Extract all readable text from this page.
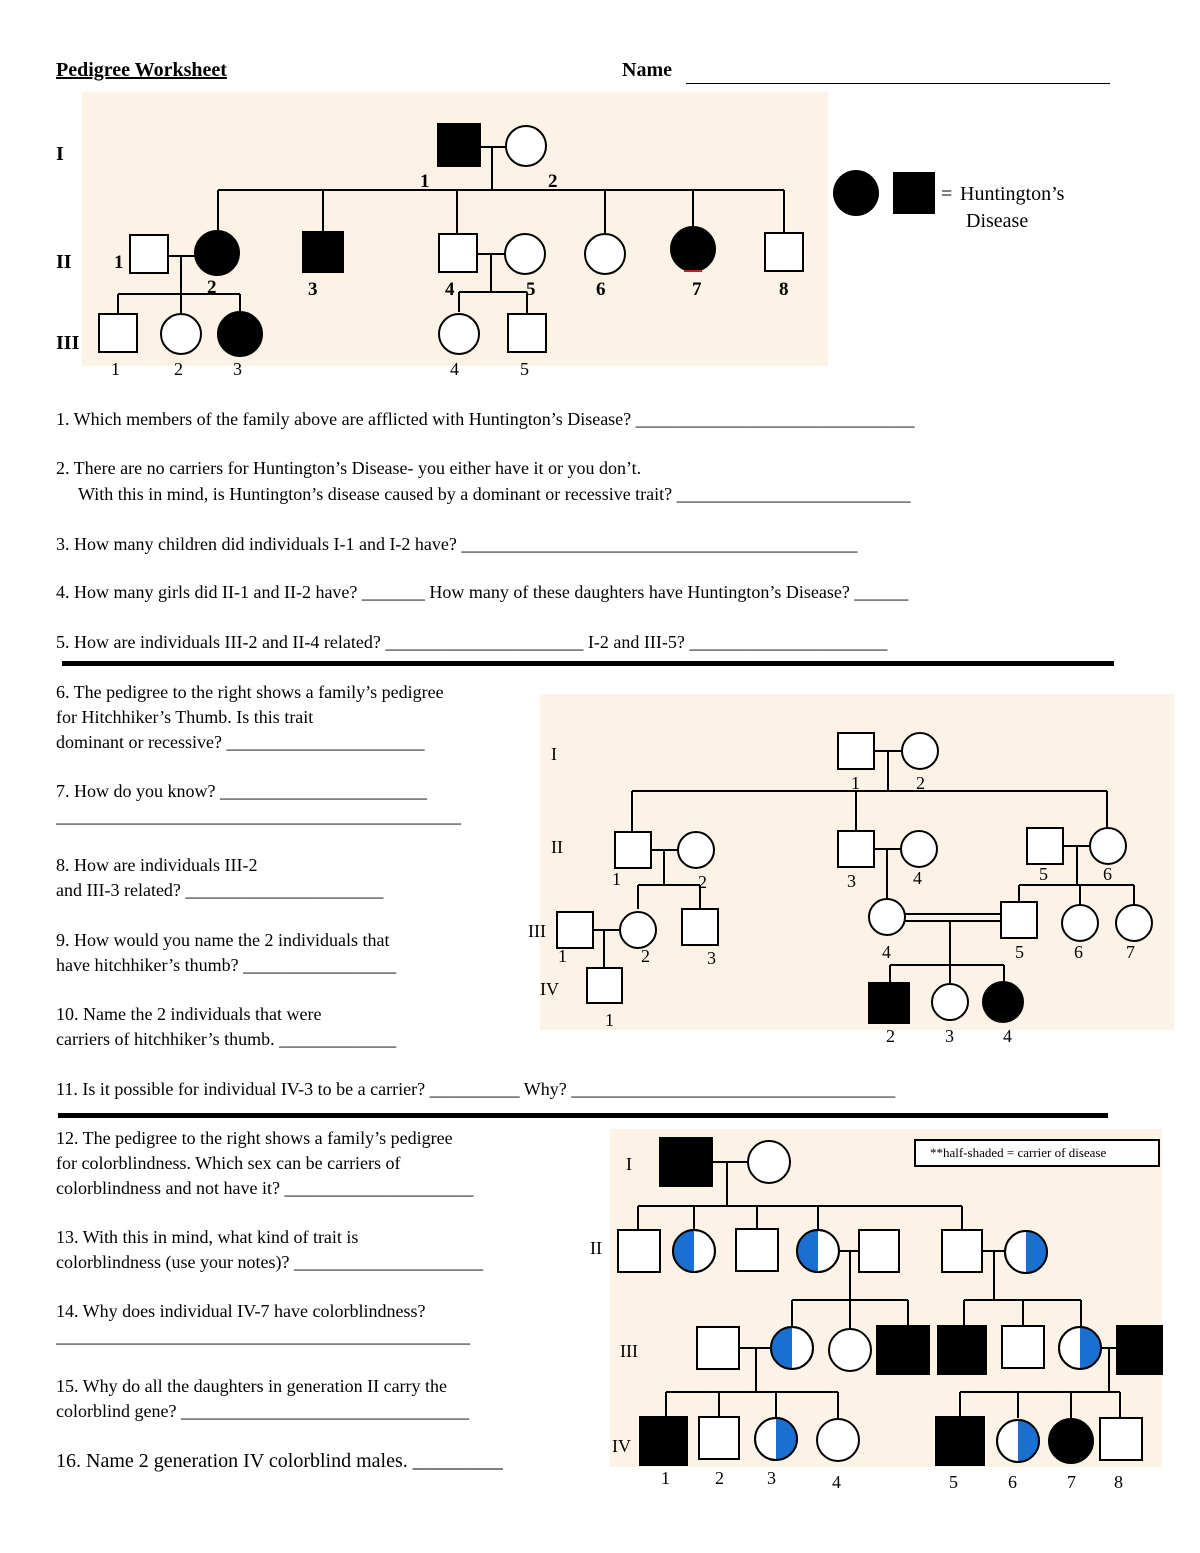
Pedigree Worksheet	Name
I
II
III
1	2
1
2	3	4	5	6	7	8
1	2	3	4	5
= Huntington’s
Disease
1. Which members of the family above are afflicted with Huntington’s Disease? _______________________________
2. There are no carriers for Huntington’s Disease- you either have it or you don’t.
With this in mind, is Huntington’s disease caused by a dominant or recessive trait? __________________________
3. How many children did individuals I-1 and I-2 have? ____________________________________________
4. How many girls did II-1 and II-2 have? _______ How many of these daughters have Huntington’s Disease? ______
5. How are individuals III-2 and II-4 related? ______________________ I-2 and III-5? ______________________
I
II
III
IV
1	2
1	2	3	4	5	6
1	2	3	4	5	6 7
1
2	3	4
6. The pedigree to the right shows a family’s pedigree
for Hitchhiker’s Thumb. Is this trait
dominant or recessive? ______________________
7. How do you know? _______________________
_____________________________________________
8. How are individuals III-2
and III-3 related? ______________________
9. How would you name the 2 individuals that
have hitchhiker’s thumb? _________________
10. Name the 2 individuals that were
carriers of hitchhiker’s thumb. _____________
11. Is it possible for individual IV-3 to be a carrier? __________ Why? ____________________________________
I
II
III
IV
1	2 3	4	5	6	7 8
**half-shaded = carrier of disease
12. The pedigree to the right shows a family’s pedigree
for colorblindness. Which sex can be carriers of
colorblindness and not have it? _____________________
13. With this in mind, what kind of trait is
colorblindness (use your notes)? _____________________
14. Why does individual IV-7 have colorblindness?
______________________________________________
15. Why do all the daughters in generation II carry the
colorblind gene? ________________________________
16. Name 2 generation IV colorblind males. _________
